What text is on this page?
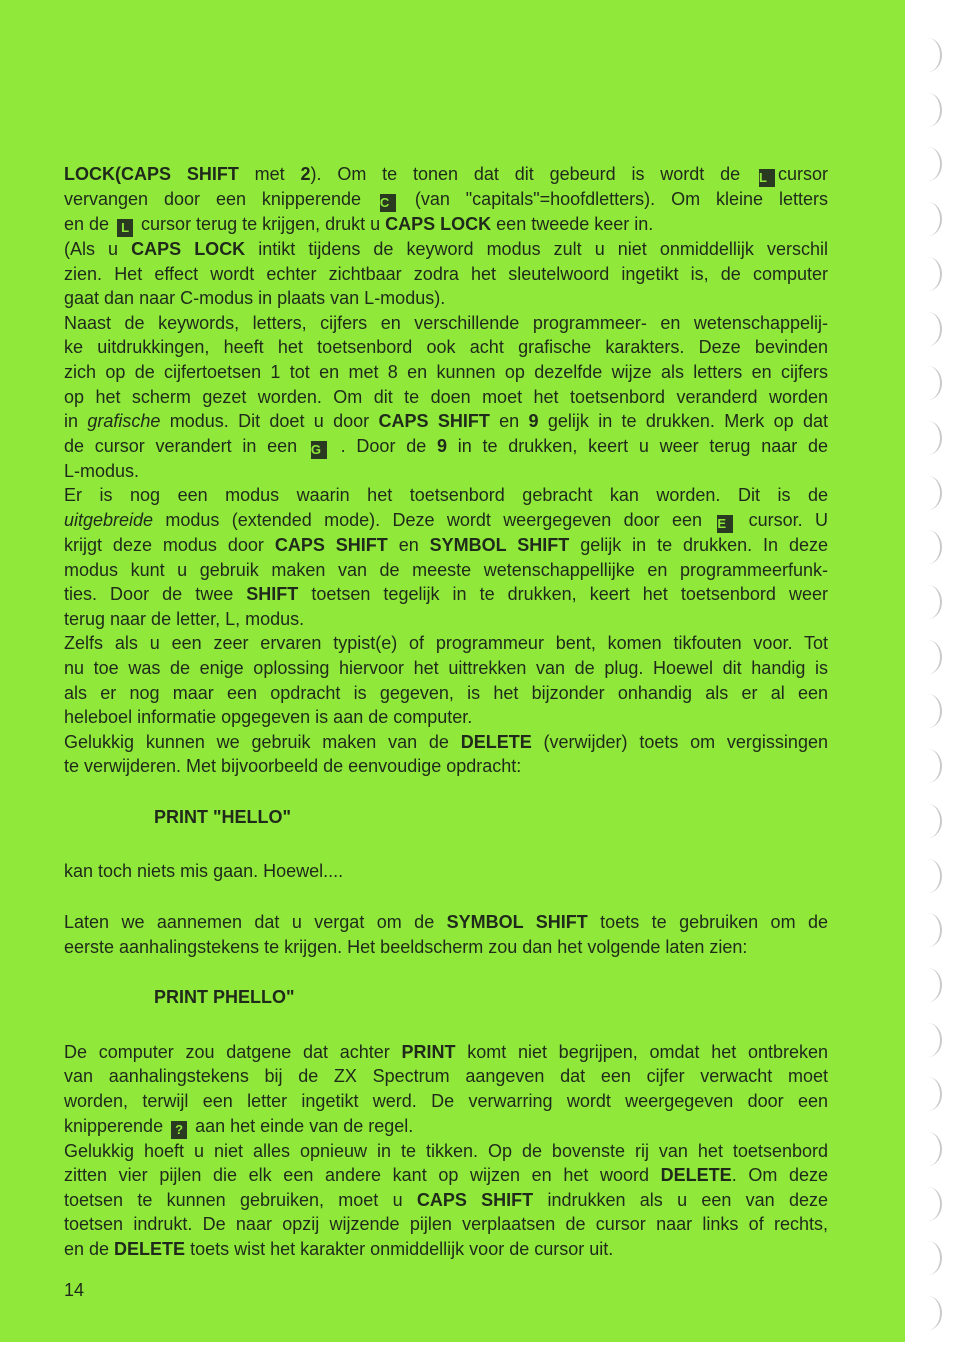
LOCK(CAPS SHIFT met 2). Om te tonen dat dit gebeurd is wordt de L cursor
vervangen door een knipperende C (van "capitals"=hoofdletters). Om kleine letters
en de L cursor terug te krijgen, drukt u CAPS LOCK een tweede keer in.

(Als u CAPS LOCK intikt tijdens de keyword modus zult u niet onmiddellijk verschil
zien. Het effect wordt echter zichtbaar zodra het sleutelwoord ingetikt is, de computer
gaat dan naar C-modus in plaats van L-modus).

Naast de keywords, letters, cijfers en verschillende programmeer- en wetenschappelij-
ke uitdrukkingen, heeft het toetsenbord ook acht grafische karakters. Deze bevinden
zich op de cijfertoetsen 1 tot en met 8 en kunnen op dezelfde wijze als letters en cijfers
op het scherm gezet worden. Om dit te doen moet het toetsenbord veranderd worden
in grafische modus. Dit doet u door CAPS SHIFT en 9 gelijk in te drukken. Merk op dat
de cursor verandert in een G . Door de 9 in te drukken, keert u weer terug naar de
L-modus.

Er is nog een modus waarin het toetsenbord gebracht kan worden. Dit is de
uitgebreide modus (extended mode). Deze wordt weergegeven door een E cursor. U
krijgt deze modus door CAPS SHIFT en SYMBOL SHIFT gelijk in te drukken. In deze
modus kunt u gebruik maken van de meeste wetenschappellijke en programmeerfunk-
ties. Door de twee SHIFT toetsen tegelijk in te drukken, keert het toetsenbord weer
terug naar de letter, L, modus.

Zelfs als u een zeer ervaren typist(e) of programmeur bent, komen tikfouten voor. Tot
nu toe was de enige oplossing hiervoor het uittrekken van de plug. Hoewel dit handig is
als er nog maar een opdracht is gegeven, is het bijzonder onhandig als er al een
heleboel informatie opgegeven is aan de computer.

Gelukkig kunnen we gebruik maken van de DELETE (verwijder) toets om vergissingen
te verwijderen. Met bijvoorbeeld de eenvoudige opdracht:

PRINT "HELLO"

kan toch niets mis gaan. Hoewel....

Laten we aannemen dat u vergat om de SYMBOL SHIFT toets te gebruiken om de
eerste aanhalingstekens te krijgen. Het beeldscherm zou dan het volgende laten zien:

PRINT PHELLO"

De computer zou datgene dat achter PRINT komt niet begrijpen, omdat het ontbreken
van aanhalingstekens bij de ZX Spectrum aangeven dat een cijfer verwacht moet
worden, terwijl een letter ingetikt werd. De verwarring wordt weergegeven door een
knipperende ? aan het einde van de regel.

Gelukkig hoeft u niet alles opnieuw in te tikken. Op de bovenste rij van het toetsenbord
zitten vier pijlen die elk een andere kant op wijzen en het woord DELETE. Om deze
toetsen te kunnen gebruiken, moet u CAPS SHIFT indrukken als u een van deze
toetsen indrukt. De naar opzij wijzende pijlen verplaatsen de cursor naar links of rechts,
en de DELETE toets wist het karakter onmiddellijk voor de cursor uit.

14
